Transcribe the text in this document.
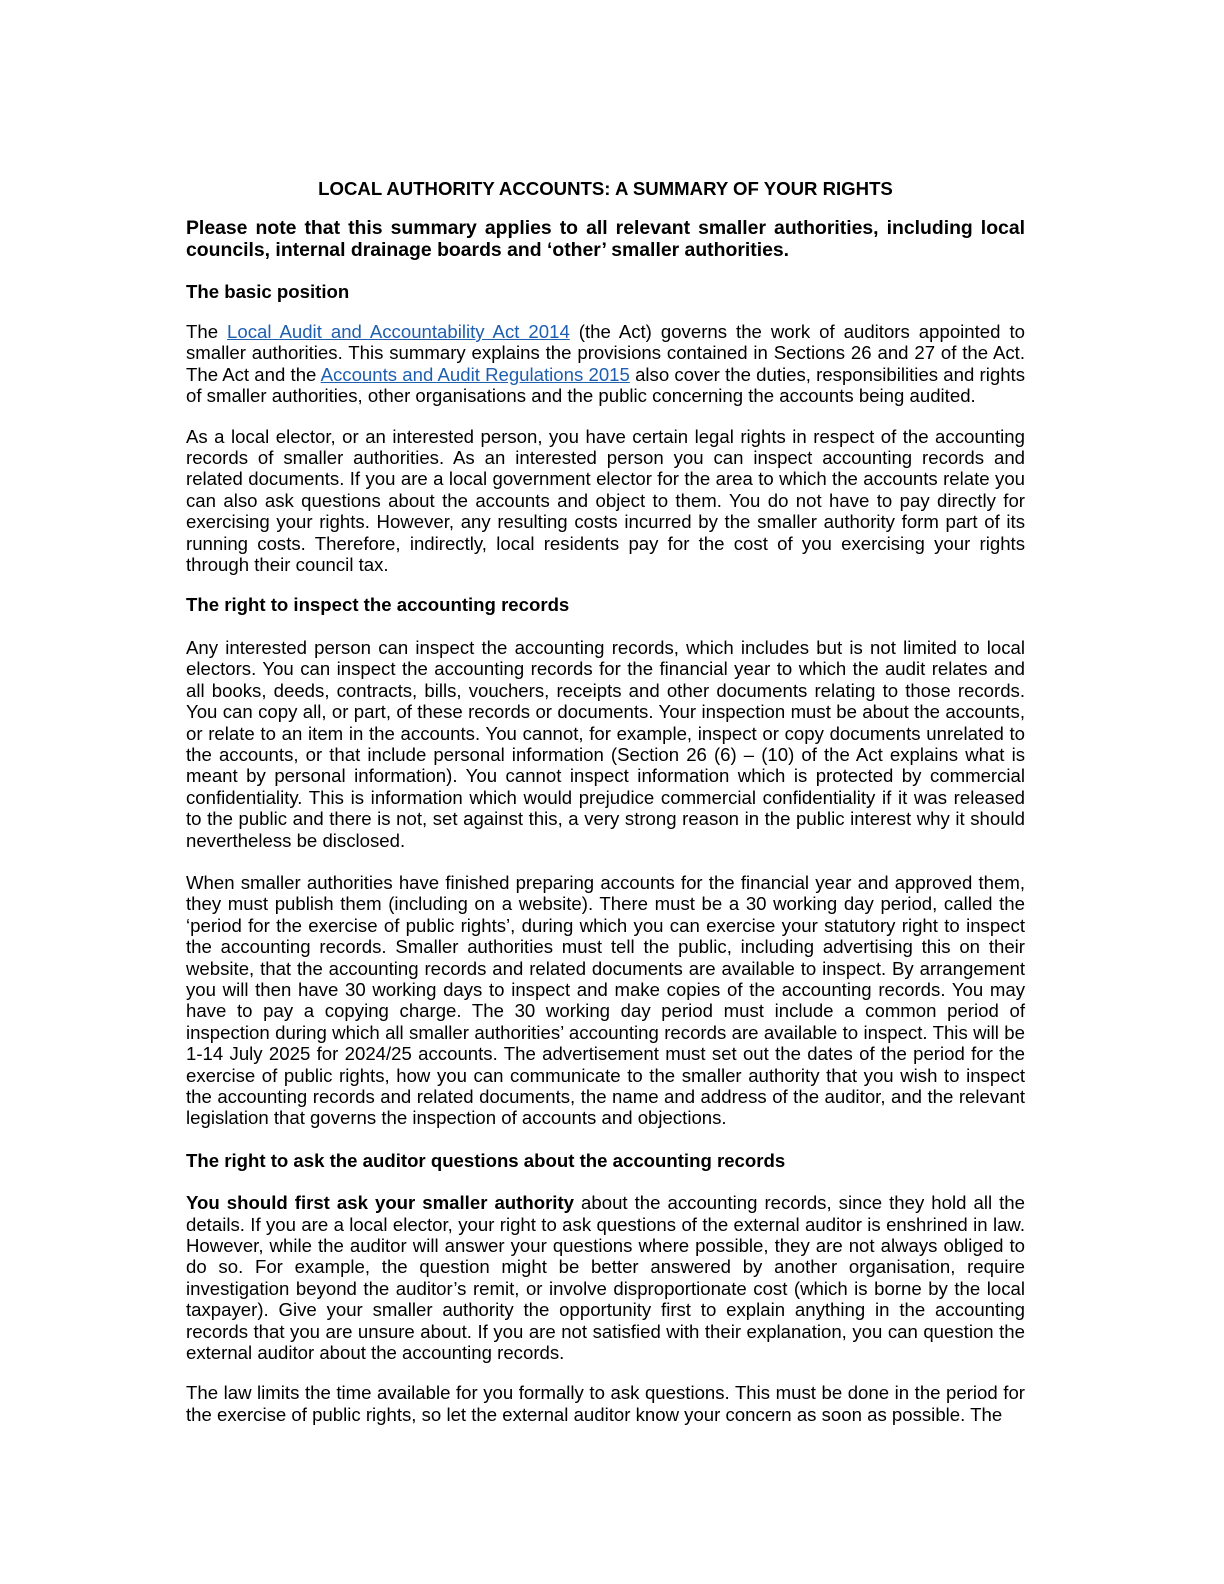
LOCAL AUTHORITY ACCOUNTS: A SUMMARY OF YOUR RIGHTS

Please note that this summary applies to all relevant smaller authorities, including local councils, internal drainage boards and ‘other’ smaller authorities.

The basic position

The Local Audit and Accountability Act 2014 (the Act) governs the work of auditors appointed to smaller authorities. This summary explains the provisions contained in Sections 26 and 27 of the Act. The Act and the Accounts and Audit Regulations 2015 also cover the duties, responsibilities and rights of smaller authorities, other organisations and the public concerning the accounts being audited.

As a local elector, or an interested person, you have certain legal rights in respect of the accounting records of smaller authorities. As an interested person you can inspect accounting records and related documents. If you are a local government elector for the area to which the accounts relate you can also ask questions about the accounts and object to them. You do not have to pay directly for exercising your rights. However, any resulting costs incurred by the smaller authority form part of its running costs. Therefore, indirectly, local residents pay for the cost of you exercising your rights through their council tax.

The right to inspect the accounting records

Any interested person can inspect the accounting records, which includes but is not limited to local electors. You can inspect the accounting records for the financial year to which the audit relates and all books, deeds, contracts, bills, vouchers, receipts and other documents relating to those records. You can copy all, or part, of these records or documents. Your inspection must be about the accounts, or relate to an item in the accounts. You cannot, for example, inspect or copy documents unrelated to the accounts, or that include personal information (Section 26 (6) – (10) of the Act explains what is meant by personal information). You cannot inspect information which is protected by commercial confidentiality. This is information which would prejudice commercial confidentiality if it was released to the public and there is not, set against this, a very strong reason in the public interest why it should nevertheless be disclosed.

When smaller authorities have finished preparing accounts for the financial year and approved them, they must publish them (including on a website). There must be a 30 working day period, called the ‘period for the exercise of public rights’, during which you can exercise your statutory right to inspect the accounting records. Smaller authorities must tell the public, including advertising this on their website, that the accounting records and related documents are available to inspect. By arrangement you will then have 30 working days to inspect and make copies of the accounting records. You may have to pay a copying charge. The 30 working day period must include a common period of inspection during which all smaller authorities’ accounting records are available to inspect. This will be 1-14 July 2025 for 2024/25 accounts. The advertisement must set out the dates of the period for the exercise of public rights, how you can communicate to the smaller authority that you wish to inspect the accounting records and related documents, the name and address of the auditor, and the relevant legislation that governs the inspection of accounts and objections.

The right to ask the auditor questions about the accounting records

You should first ask your smaller authority about the accounting records, since they hold all the details. If you are a local elector, your right to ask questions of the external auditor is enshrined in law. However, while the auditor will answer your questions where possible, they are not always obliged to do so. For example, the question might be better answered by another organisation, require investigation beyond the auditor’s remit, or involve disproportionate cost (which is borne by the local taxpayer). Give your smaller authority the opportunity first to explain anything in the accounting records that you are unsure about. If you are not satisfied with their explanation, you can question the external auditor about the accounting records.

The law limits the time available for you formally to ask questions. This must be done in the period for the exercise of public rights, so let the external auditor know your concern as soon as possible. The
